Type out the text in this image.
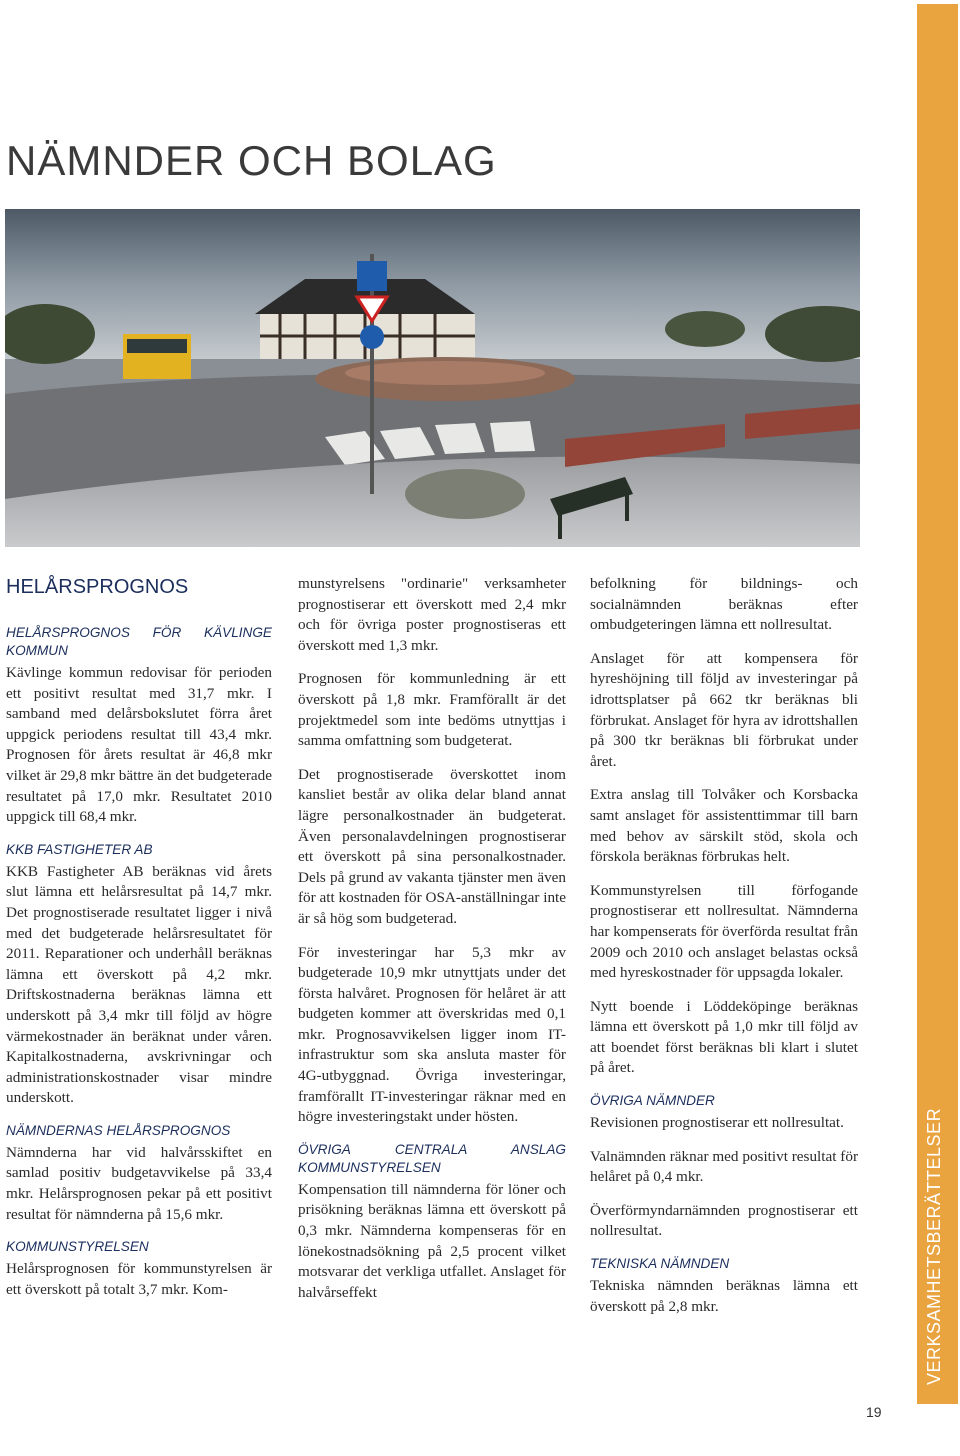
VERKSAMHETSBERÄTTELSER
NÄMNDER OCH BOLAG
HELÅRSPROGNOS
HELÅRSPROGNOS FÖR KÄVLINGE KOMMUN

Kävlinge kommun redovisar för perioden ett positivt resultat med 31,7 mkr. I samband med delårsbokslutet förra året uppgick periodens resultat till 43,4 mkr. Prognosen för årets resultat är 46,8 mkr vilket är 29,8 mkr bättre än det budgeterade resultatet på 17,0 mkr. Resultatet 2010 uppgick till 68,4 mkr.

KKB FASTIGHETER AB

KKB Fastigheter AB beräknas vid årets slut lämna ett helårsresultat på 14,7 mkr. Det prognostiserade resultatet ligger i nivå med det budgeterade helårsresultatet för 2011. Reparationer och underhåll beräknas lämna ett överskott på 4,2 mkr. Driftskostnaderna beräknas lämna ett underskott på 3,4 mkr till följd av högre värmekostnader än beräknat under våren. Kapitalkostnaderna, avskrivningar och administrationskostnader visar mindre underskott.

NÄMNDERNAS HELÅRSPROGNOS

Nämnderna har vid halvårsskiftet en samlad positiv budgetavvikelse på 33,4 mkr. Helårsprognosen pekar på ett positivt resultat för nämnderna på 15,6 mkr.

KOMMUNSTYRELSEN

Helårsprognosen för kommunstyrelsen är ett överskott på totalt 3,7 mkr. Kom-

munstyrelsens "ordinarie" verksamheter prognostiserar ett överskott med 2,4 mkr och för övriga poster prognostiseras ett överskott med 1,3 mkr.

Prognosen för kommunledning är ett överskott på 1,8 mkr. Framförallt är det projektmedel som inte bedöms utnyttjas i samma omfattning som budgeterat.

Det prognostiserade överskottet inom kansliet består av olika delar bland annat lägre personalkostnader än budgeterat. Även personalavdelningen prognostiserar ett överskott på sina personalkostnader. Dels på grund av vakanta tjänster men även för att kostnaden för OSA-anställningar inte är så hög som budgeterad.

För investeringar har 5,3 mkr av budgeterade 10,9 mkr utnyttjats under det första halvåret. Prognosen för helåret är att budgeten kommer att överskridas med 0,1 mkr. Prognosavvikelsen ligger inom IT-infrastruktur som ska ansluta master för 4G-utbyggnad. Övriga investeringar, framförallt IT-investeringar räknar med en högre investeringstakt under hösten.

ÖVRIGA CENTRALA ANSLAG KOMMUNSTYRELSEN

Kompensation till nämnderna för löner och prisökning beräknas lämna ett överskott på 0,3 mkr. Nämnderna kompenseras för en lönekostnadsökning på 2,5 procent vilket motsvarar det verkliga utfallet. Anslaget för halvårseffekt

befolkning för bildnings- och socialnämnden beräknas efter ombudgeteringen lämna ett nollresultat.

Anslaget för att kompensera för hyreshöjning till följd av investeringar på idrottsplatser på 662 tkr beräknas bli förbrukat. Anslaget för hyra av idrottshallen på 300 tkr beräknas bli förbrukat under året.

Extra anslag till Tolvåker och Korsbacka samt anslaget för assistenttimmar till barn med behov av särskilt stöd, skola och förskola beräknas förbrukas helt.

Kommunstyrelsen till förfogande prognostiserar ett nollresultat. Nämnderna har kompenserats för överförda resultat från 2009 och 2010 och anslaget belastas också med hyreskostnader för uppsagda lokaler.

Nytt boende i Löddeköpinge beräknas lämna ett överskott på 1,0 mkr till följd av att boendet först beräknas bli klart i slutet på året.

ÖVRIGA NÄMNDER

Revisionen prognostiserar ett nollresultat.

Valnämnden räknar med positivt resultat för helåret på 0,4 mkr.

Överförmyndarnämnden prognostiserar ett nollresultat.

TEKNISKA NÄMNDEN

Tekniska nämnden beräknas lämna ett överskott på 2,8 mkr.

19
